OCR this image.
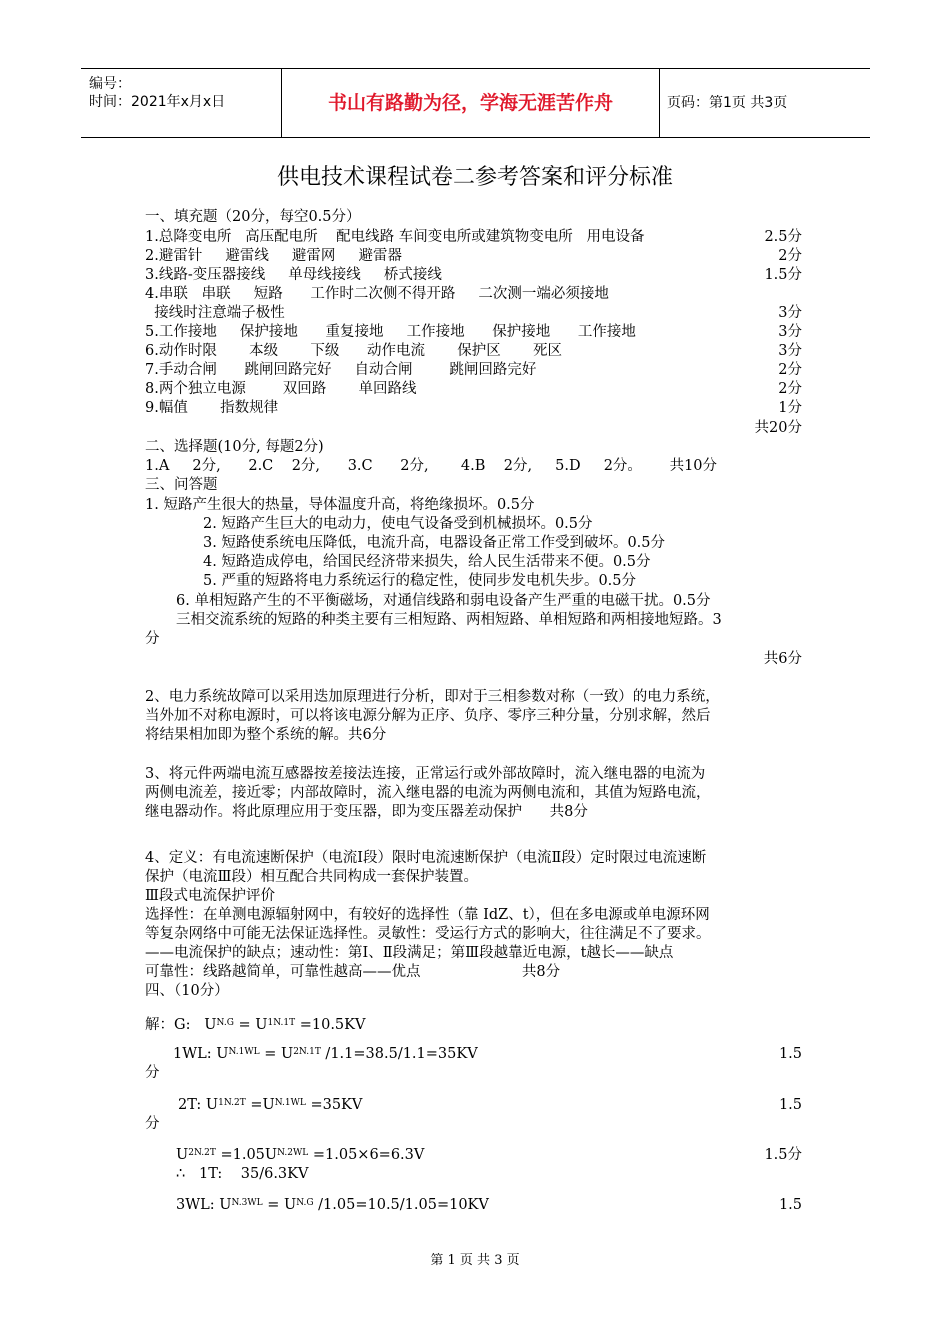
编号：
时间：2021年x月x日	书山有路勤为径，学海无涯苦作舟	页码：第1页 共3页
供电技术课程试卷二参考答案和评分标准
一、填充题（20分，每空0.5分）
1.总降变电所   高压配电所    配电线路 车间变电所或建筑物变电所   用电设备	2.5分
2.避雷针     避雷线     避雷网     避雷器	2分
3.线路-变压器接线     单母线接线     桥式接线	1.5分
4.串联   串联     短路      工作时二次侧不得开路     二次测一端必须接地
接线时注意端子极性	3分
5.工作接地     保护接地      重复接地     工作接地      保护接地      工作接地	3分
6.动作时限       本级       下级      动作电流       保护区       死区	3分
7.手动合闸      跳闸回路完好     自动合闸        跳闸回路完好	2分
8.两个独立电源        双回路       单回路线	2分
9.幅值       指数规律	1分
共20分
二、选择题(10分, 每题2分)
1.A     2分,      2.C    2分,      3.C      2分,       4.B    2分,     5.D     2分。      共10分
三、问答题
1. 短路产生很大的热量，导体温度升高，将绝缘损坏。0.5分
2. 短路产生巨大的电动力，使电气设备受到机械损坏。0.5分
3. 短路使系统电压降低，电流升高，电器设备正常工作受到破坏。0.5分
4. 短路造成停电，给国民经济带来损失，给人民生活带来不便。0.5分
5. 严重的短路将电力系统运行的稳定性，使同步发电机失步。0.5分
6. 单相短路产生的不平衡磁场，对通信线路和弱电设备产生严重的电磁干扰。0.5分
三相交流系统的短路的种类主要有三相短路、两相短路、单相短路和两相接地短路。3
分
共6分
2、电力系统故障可以采用迭加原理进行分析，即对于三相参数对称（一致）的电力系统，
当外加不对称电源时，可以将该电源分解为正序、负序、零序三种分量，分别求解，然后
将结果相加即为整个系统的解。共6分
3、将元件两端电流互感器按差接法连接，正常运行或外部故障时，流入继电器的电流为
两侧电流差，接近零；内部故障时，流入继电器的电流为两侧电流和，其值为短路电流，
继电器动作。将此原理应用于变压器，即为变压器差动保护      共8分
4、定义：有电流速断保护（电流Ⅰ段）限时电流速断保护（电流Ⅱ段）定时限过电流速断
保护（电流Ⅲ段）相互配合共同构成一套保护装置。
Ⅲ段式电流保护评价
选择性：在单测电源辐射网中，有较好的选择性（靠 IdZ、t），但在多电源或单电源环网
等复杂网络中可能无法保证选择性。灵敏性：受运行方式的影响大，往往满足不了要求。
——电流保护的缺点；速动性：第Ⅰ、Ⅱ段满足；第Ⅲ段越靠近电源，t越长——缺点
可靠性：线路越简单，可靠性越高——优点                      共8分
四、（10分）
解：G:   $U^{N.G} = U^{1N.1T} =10.5KV$
1WL: $U^{N.1WL} = U^{2N.1T}$ /1.1=38.5/1.1=35KV	1.5
分
2T: $U^{1N.2T} =U^{N.1WL} =35KV$	1.5
分
$U^{2N.2T} =1.05U^{N.2WL} =1.05\times 6=6.3V$	1.5分
∴   1T:    35/6.3KV
3WL: $U^{N.3WL} = U^{N.G}$ /1.05=10.5/1.05=10KV	1.5
第 1 页 共 3 页
